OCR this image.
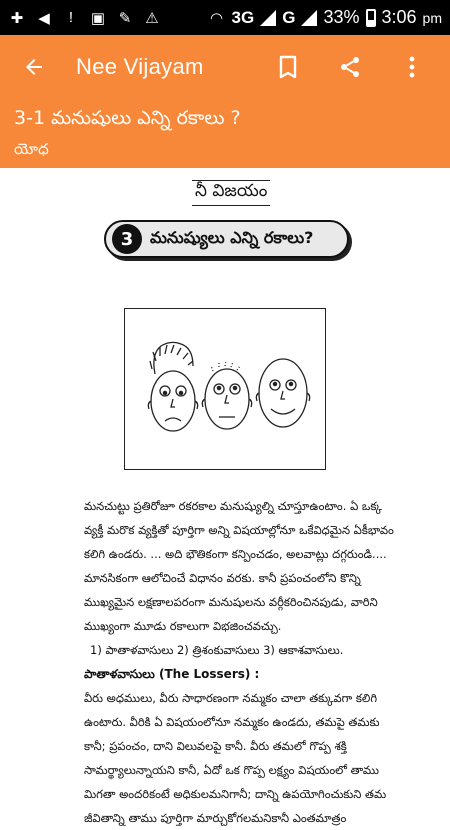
✚ ◀	!	▣ ✎ ⚠	◠ 3G G 33% 3:06 pm
Nee Vijayam
3-1 మనుషులు ఎన్ని రకాలు ?
యోధ
నీ విజయం
3	మనుష్యులు ఎన్ని రకాలు?

మనచుట్టు ప్రతిరోజూ రకరకాల మనుష్యుల్ని చూస్తూఉంటాం. ఏ ఒక్క వ్యక్తీ మరొక వ్యక్తితో పూర్తిగా అన్ని విషయాల్లోనూ ఒకేవిధమైన ఏకీభావం కలిగి ఉండరు. ... అది భౌతికంగా కన్పించడం, అలవాట్లు దగ్గరుండి.... మానసికంగా ఆలోచించే విధానం వరకు. కానీ ప్రపంచంలోని కొన్ని ముఖ్యమైన లక్షణాలపరంగా మనుషులను వర్గీకరించినపుడు, వారిని ముఖ్యంగా మూడు రకాలుగా విభజించవచ్చు.

1) పాతాళవాసులు 2) త్రిశంకువాసులు 3) ఆకాశవాసులు.

పాతాళవాసులు (The Lossers) :

వీరు అధములు, వీరు సాధారణంగా నమ్మకం చాలా తక్కువగా కలిగి ఉంటారు. వీరికి ఏ విషయంలోనూ నమ్మకం ఉండదు, తమపై తమకు కానీ; ప్రపంచం, దాని విలువలపై కానీ. వీరు తమలో గొప్ప శక్తి సామర్థ్యాలున్నాయని కానీ, ఏదో ఒక గొప్ప లక్ష్యం విషయంలో తాము మిగతా అందరికంటే అధికులమనిగానీ; దాన్ని ఉపయోగించుకుని తమ జీవితాన్ని తాము పూర్తిగా మార్చుకోగలమనికానీ ఎంతమాత్రం
